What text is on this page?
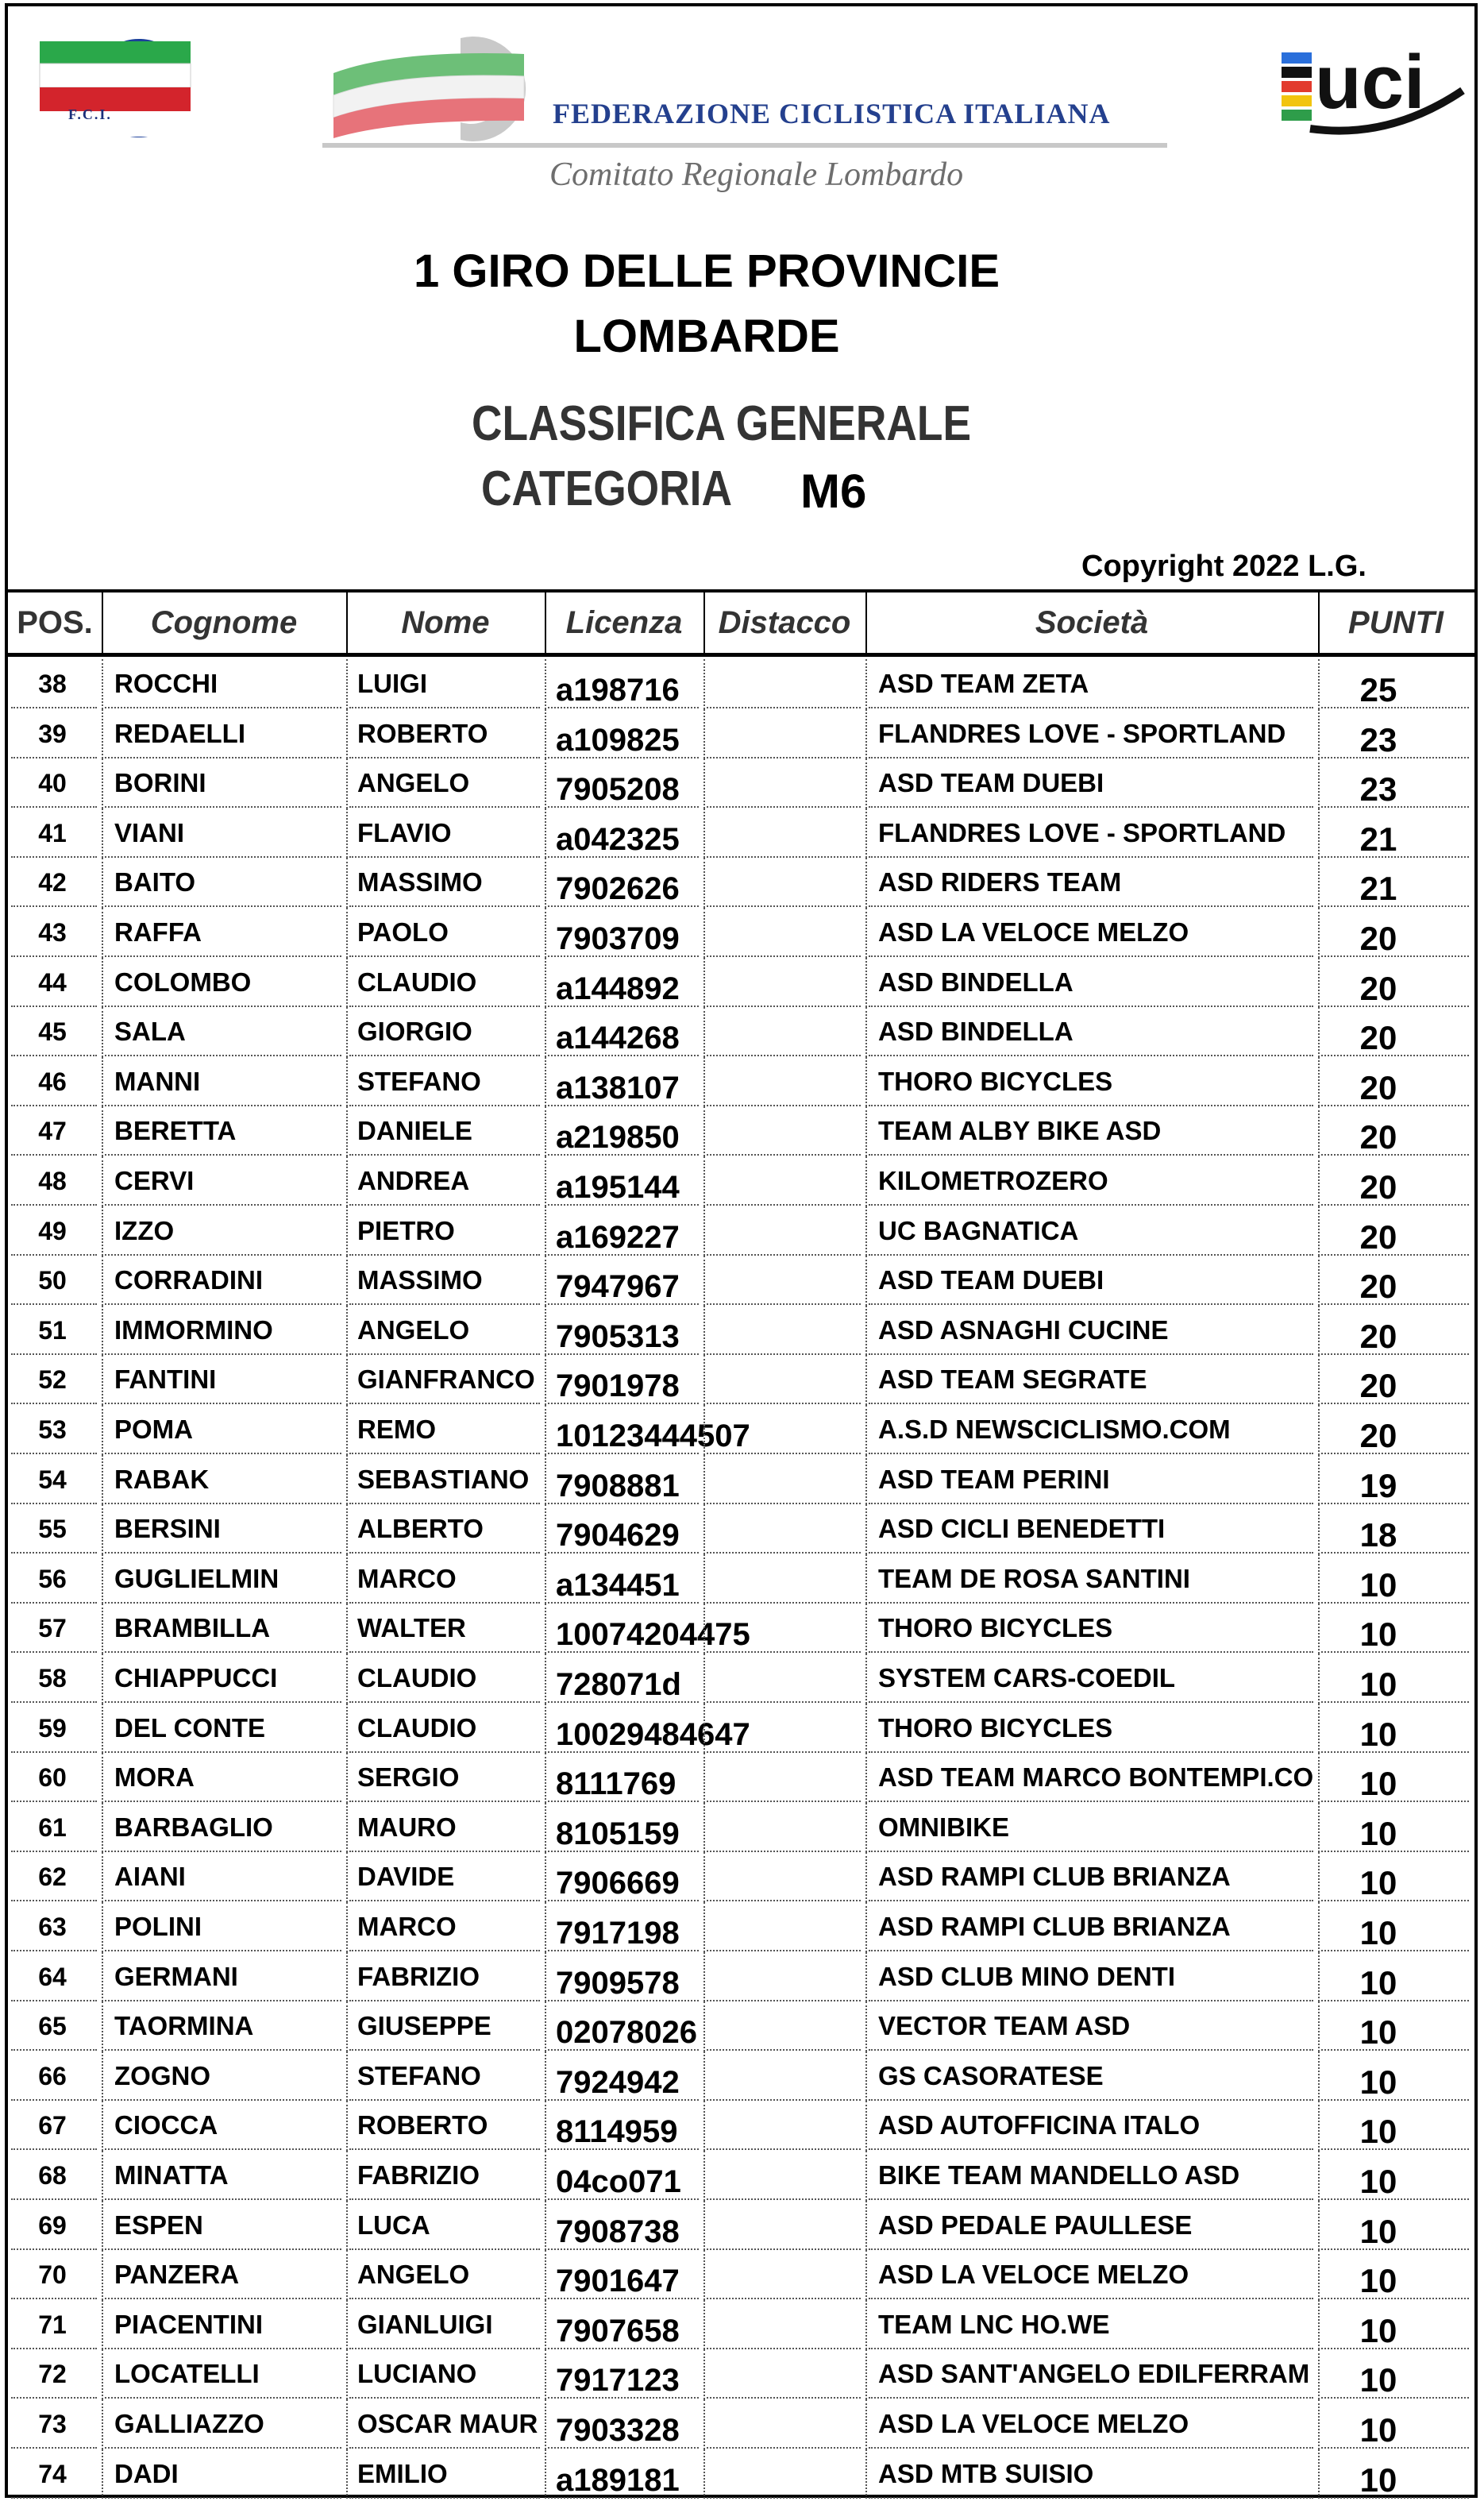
F.C.I.	FEDERAZIONE CICLISTICA ITALIANA
Comitato Regionale Lombardo
uci
1 GIRO DELLE PROVINCIE
LOMBARDE
CLASSIFICA GENERALE
CATEGORIA M6
Copyright 2022 L.G.
POS.	Cognome	Nome	Licenza	Distacco	Società	PUNTI
38	ROCCHI	LUIGI	a198716	ASD TEAM ZETA	25
39	REDAELLI	ROBERTO a109825	FLANDRES LOVE - SPORTLAND	23
40	BORINI	ANGELO	7905208	ASD TEAM DUEBI	23
41	VIANI	FLAVIO	a042325	FLANDRES LOVE - SPORTLAND	21
42	BAITO	MASSIMO 7902626	ASD RIDERS TEAM	21
43	RAFFA	PAOLO	7903709	ASD LA VELOCE MELZO	20
44	COLOMBO	CLAUDIO a144892	ASD BINDELLA	20
45	SALA	GIORGIO	a144268	ASD BINDELLA	20
46	MANNI	STEFANO a138107	THORO BICYCLES	20
47	BERETTA	DANIELE	a219850	TEAM ALBY BIKE ASD	20
48	CERVI	ANDREA	a195144	KILOMETROZERO	20
49	IZZO	PIETRO	a169227	UC BAGNATICA	20
50	CORRADINI	MASSIMO 7947967	ASD TEAM DUEBI	20
51	IMMORMINO	ANGELO	7905313	ASD ASNAGHI CUCINE	20
52	FANTINI	GIANFRANCO 7901978	ASD TEAM SEGRATE	20
53	POMA	REMO	10123444507	A.S.D NEWSCICLISMO.COM	20
54	RABAK	SEBASTIANO 7908881	ASD TEAM PERINI	19
55	BERSINI	ALBERTO 7904629	ASD CICLI BENEDETTI	18
56	GUGLIELMIN	MARCO	a134451	TEAM DE ROSA SANTINI	10
57	BRAMBILLA	WALTER	10074204475	THORO BICYCLES	10
58	CHIAPPUCCI	CLAUDIO 728071d	SYSTEM CARS-COEDIL	10
59	DEL CONTE	CLAUDIO 10029484647	THORO BICYCLES	10
60	MORA	SERGIO	8111769	ASD TEAM MARCO BONTEMPI.CO	10
61	BARBAGLIO	MAURO	8105159	OMNIBIKE	10
62	AIANI	DAVIDE	7906669	ASD RAMPI CLUB BRIANZA	10
63	POLINI	MARCO	7917198	ASD RAMPI CLUB BRIANZA	10
64	GERMANI	FABRIZIO 7909578	ASD CLUB MINO DENTI	10
65	TAORMINA	GIUSEPPE 02078026	VECTOR TEAM ASD	10
66	ZOGNO	STEFANO 7924942	GS CASORATESE	10
67	CIOCCA	ROBERTO 8114959	ASD AUTOFFICINA ITALO	10
68	MINATTA	FABRIZIO 04co071	BIKE TEAM MANDELLO ASD	10
69	ESPEN	LUCA	7908738	ASD PEDALE PAULLESE	10
70	PANZERA	ANGELO	7901647	ASD LA VELOCE MELZO	10
71	PIACENTINI	GIANLUIGI 7907658	TEAM LNC HO.WE	10
72	LOCATELLI	LUCIANO 7917123	ASD SANT'ANGELO EDILFERRAM	10
73	GALLIAZZO	OSCAR MAUR 7903328	ASD LA VELOCE MELZO	10
74	DADI	EMILIO	a189181	ASD MTB SUISIO	10
